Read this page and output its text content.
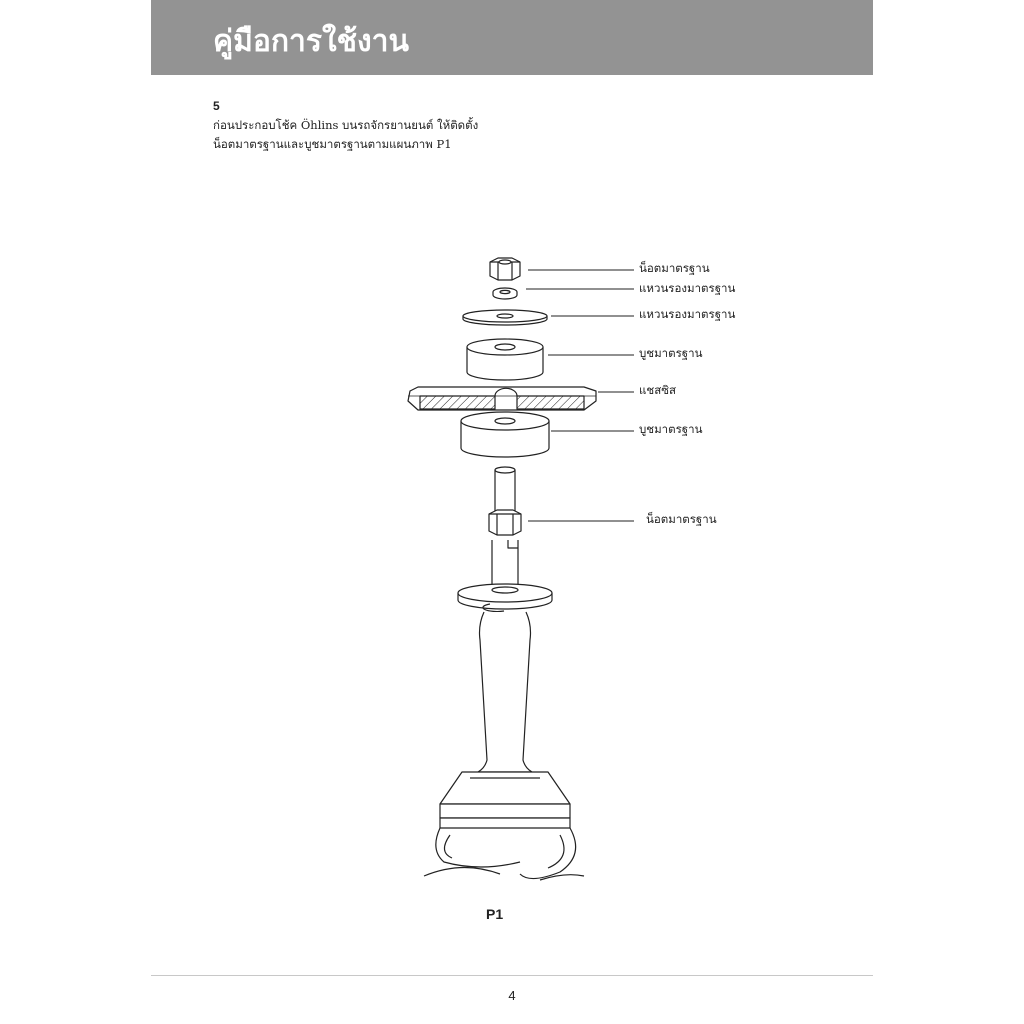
คู่มือการใช้งาน
5
ก่อนประกอบโช้ค Öhlins บนรถจักรยานยนต์ ให้ติดตั้ง
น็อตมาตรฐานและบูชมาตรฐานตามแผนภาพ P1
น็อตมาตรฐาน
แหวนรองมาตรฐาน
แหวนรองมาตรฐาน
บูชมาตรฐาน
แชสซิส
บูชมาตรฐาน
น็อตมาตรฐาน
P1
4
